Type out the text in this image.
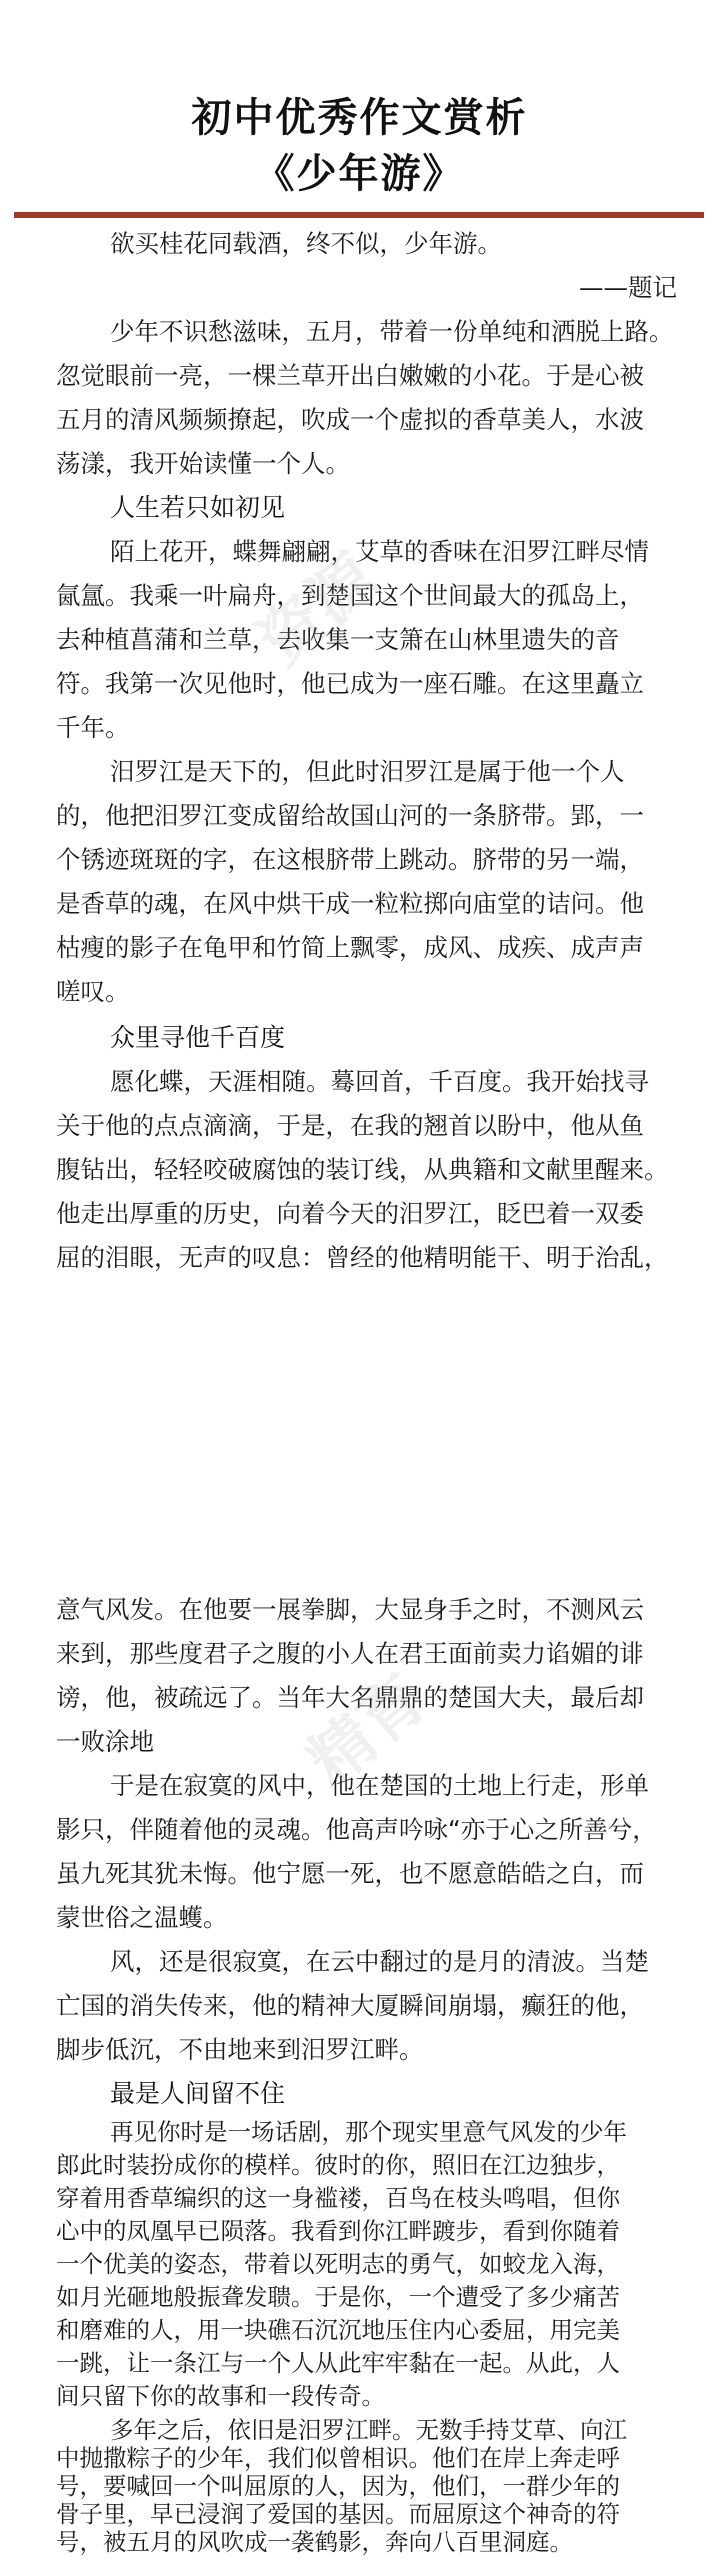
初中优秀作文赏析
《少年游》
欲买桂花同载酒，终不似，少年游。
——题记
少年不识愁滋味，五月，带着一份单纯和洒脱上路。
忽觉眼前一亮，一棵兰草开出白嫩嫩的小花。于是心被
五月的清风频频撩起，吹成一个虚拟的香草美人，水波
荡漾，我开始读懂一个人。
人生若只如初见
陌上花开，蝶舞翩翩，艾草的香味在汨罗江畔尽情
氤氲。我乘一叶扁舟，到楚国这个世间最大的孤岛上，
去种植菖蒲和兰草，去收集一支箫在山林里遗失的音
符。我第一次见他时，他已成为一座石雕。在这里矗立
千年。
汨罗江是天下的，但此时汨罗江是属于他一个人
的，他把汨罗江变成留给故国山河的一条脐带。郢，一
个锈迹斑斑的字，在这根脐带上跳动。脐带的另一端，
是香草的魂，在风中烘干成一粒粒掷向庙堂的诘问。他
枯瘦的影子在龟甲和竹简上飘零，成风、成疾、成声声
嗟叹。
众里寻他千百度
愿化蝶，天涯相随。蓦回首，千百度。我开始找寻
关于他的点点滴滴，于是，在我的翘首以盼中，他从鱼
腹钻出，轻轻咬破腐蚀的装订线，从典籍和文献里醒来。
他走出厚重的历史，向着今天的汨罗江，眨巴着一双委
屈的泪眼，无声的叹息：曾经的他精明能干、明于治乱，
意气风发。在他要一展拳脚，大显身手之时，不测风云
来到，那些度君子之腹的小人在君王面前卖力谄媚的诽
谤，他，被疏远了。当年大名鼎鼎的楚国大夫，最后却
一败涂地
于是在寂寞的风中，他在楚国的土地上行走，形单
影只，伴随着他的灵魂。他高声吟咏“亦于心之所善兮，
虽九死其犹未悔。他宁愿一死，也不愿意皓皓之白，而
蒙世俗之温蠖。
风，还是很寂寞，在云中翻过的是月的清波。当楚
亡国的消失传来，他的精神大厦瞬间崩塌，癫狂的他，
脚步低沉，不由地来到汨罗江畔。
最是人间留不住
再见你时是一场话剧，那个现实里意气风发的少年
郎此时装扮成你的模样。彼时的你，照旧在江边独步，
穿着用香草编织的这一身褴褛，百鸟在枝头鸣唱，但你
心中的凤凰早已陨落。我看到你江畔踱步，看到你随着
一个优美的姿态，带着以死明志的勇气，如蛟龙入海，
如月光砸地般振聋发聩。于是你，一个遭受了多少痛苦
和磨难的人，用一块礁石沉沉地压住内心委屈，用完美
一跳，让一条江与一个人从此牢牢黏在一起。从此，人
间只留下你的故事和一段传奇。
多年之后，依旧是汨罗江畔。无数手持艾草、向江
中抛撒粽子的少年，我们似曾相识。他们在岸上奔走呼
号，要喊回一个叫屈原的人，因为，他们，一群少年的
骨子里，早已浸润了爱国的基因。而屈原这个神奇的符
号，被五月的风吹成一袭鹤影，奔向八百里洞庭。
资源
精育
